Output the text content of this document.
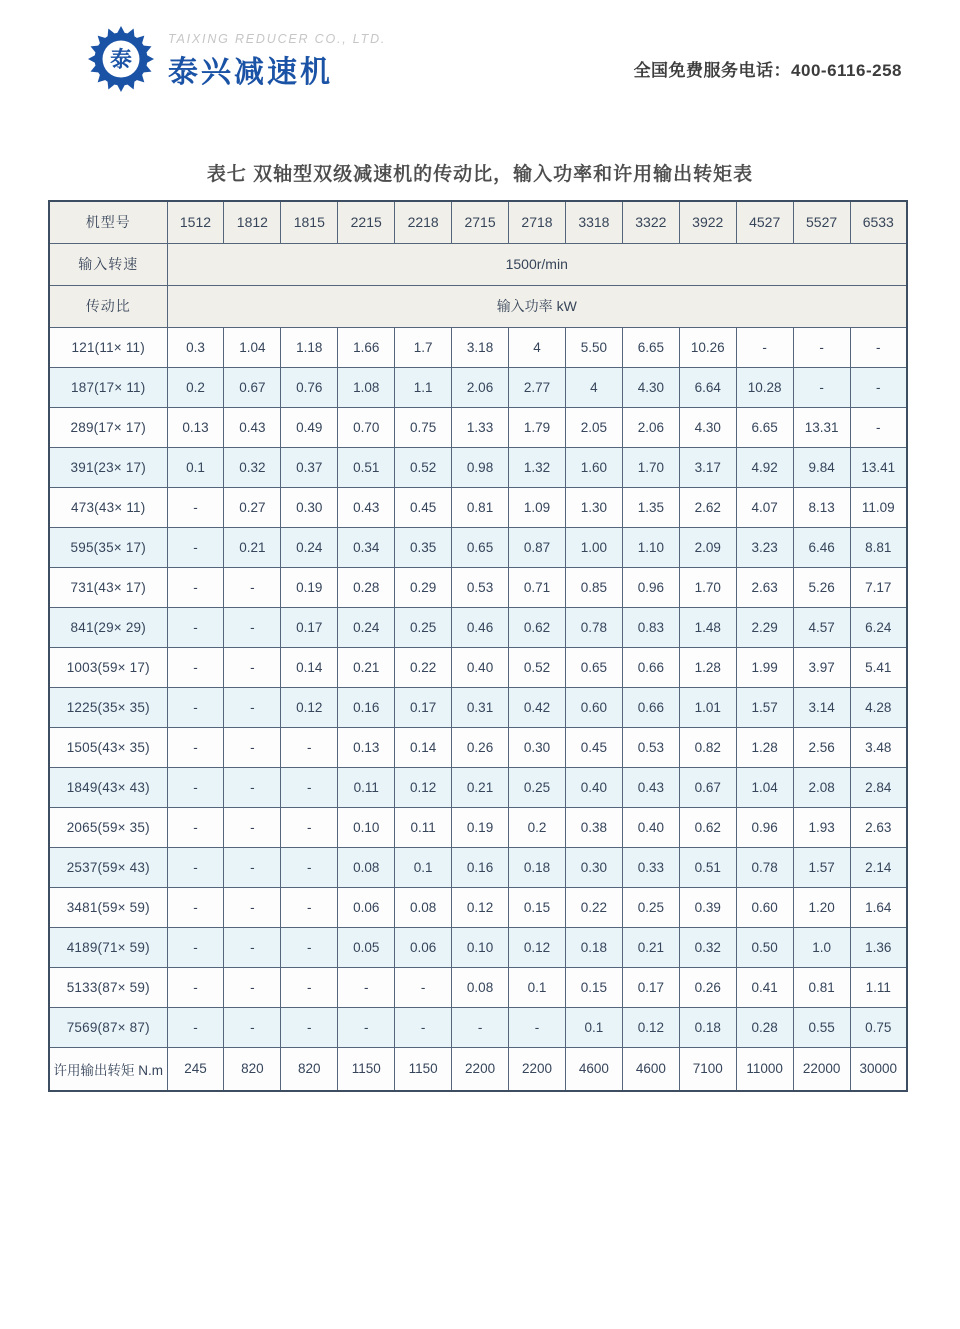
泰
TAIXING REDUCER CO., LTD.
泰兴减速机	全国免费服务电话：400-6116-258
表七 双轴型双级减速机的传动比，输入功率和许用输出转矩表
机型号	1512	1812	1815	2215	2218	2715	2718	3318	3322	3922	4527	5527	6533
输入转速	1500r/min												
传动比	输入功率 kW												
121(11× 11)	0.3	1.04	1.18	1.66	1.7	3.18	4	5.50	6.65	10.26	-	-	-
187(17× 11)	0.2	0.67	0.76	1.08	1.1	2.06	2.77	4	4.30	6.64	10.28	-	-
289(17× 17)	0.13	0.43	0.49	0.70	0.75	1.33	1.79	2.05	2.06	4.30	6.65	13.31	-
391(23× 17)	0.1	0.32	0.37	0.51	0.52	0.98	1.32	1.60	1.70	3.17	4.92	9.84	13.41
473(43× 11)	-	0.27	0.30	0.43	0.45	0.81	1.09	1.30	1.35	2.62	4.07	8.13	11.09
595(35× 17)	-	0.21	0.24	0.34	0.35	0.65	0.87	1.00	1.10	2.09	3.23	6.46	8.81
731(43× 17)	-	-	0.19	0.28	0.29	0.53	0.71	0.85	0.96	1.70	2.63	5.26	7.17
841(29× 29)	-	-	0.17	0.24	0.25	0.46	0.62	0.78	0.83	1.48	2.29	4.57	6.24
1003(59× 17)	-	-	0.14	0.21	0.22	0.40	0.52	0.65	0.66	1.28	1.99	3.97	5.41
1225(35× 35)	-	-	0.12	0.16	0.17	0.31	0.42	0.60	0.66	1.01	1.57	3.14	4.28
1505(43× 35)	-	-	-	0.13	0.14	0.26	0.30	0.45	0.53	0.82	1.28	2.56	3.48
1849(43× 43)	-	-	-	0.11	0.12	0.21	0.25	0.40	0.43	0.67	1.04	2.08	2.84
2065(59× 35)	-	-	-	0.10	0.11	0.19	0.2	0.38	0.40	0.62	0.96	1.93	2.63
2537(59× 43)	-	-	-	0.08	0.1	0.16	0.18	0.30	0.33	0.51	0.78	1.57	2.14
3481(59× 59)	-	-	-	0.06	0.08	0.12	0.15	0.22	0.25	0.39	0.60	1.20	1.64
4189(71× 59)	-	-	-	0.05	0.06	0.10	0.12	0.18	0.21	0.32	0.50	1.0	1.36
5133(87× 59)	-	-	-	-	-	0.08	0.1	0.15	0.17	0.26	0.41	0.81	1.11
7569(87× 87)	-	-	-	-	-	-	-	0.1	0.12	0.18	0.28	0.55	0.75
许用输出转矩 N.m	245	820	820	1150	1150	2200	2200	4600	4600	7100	11000	22000	30000
